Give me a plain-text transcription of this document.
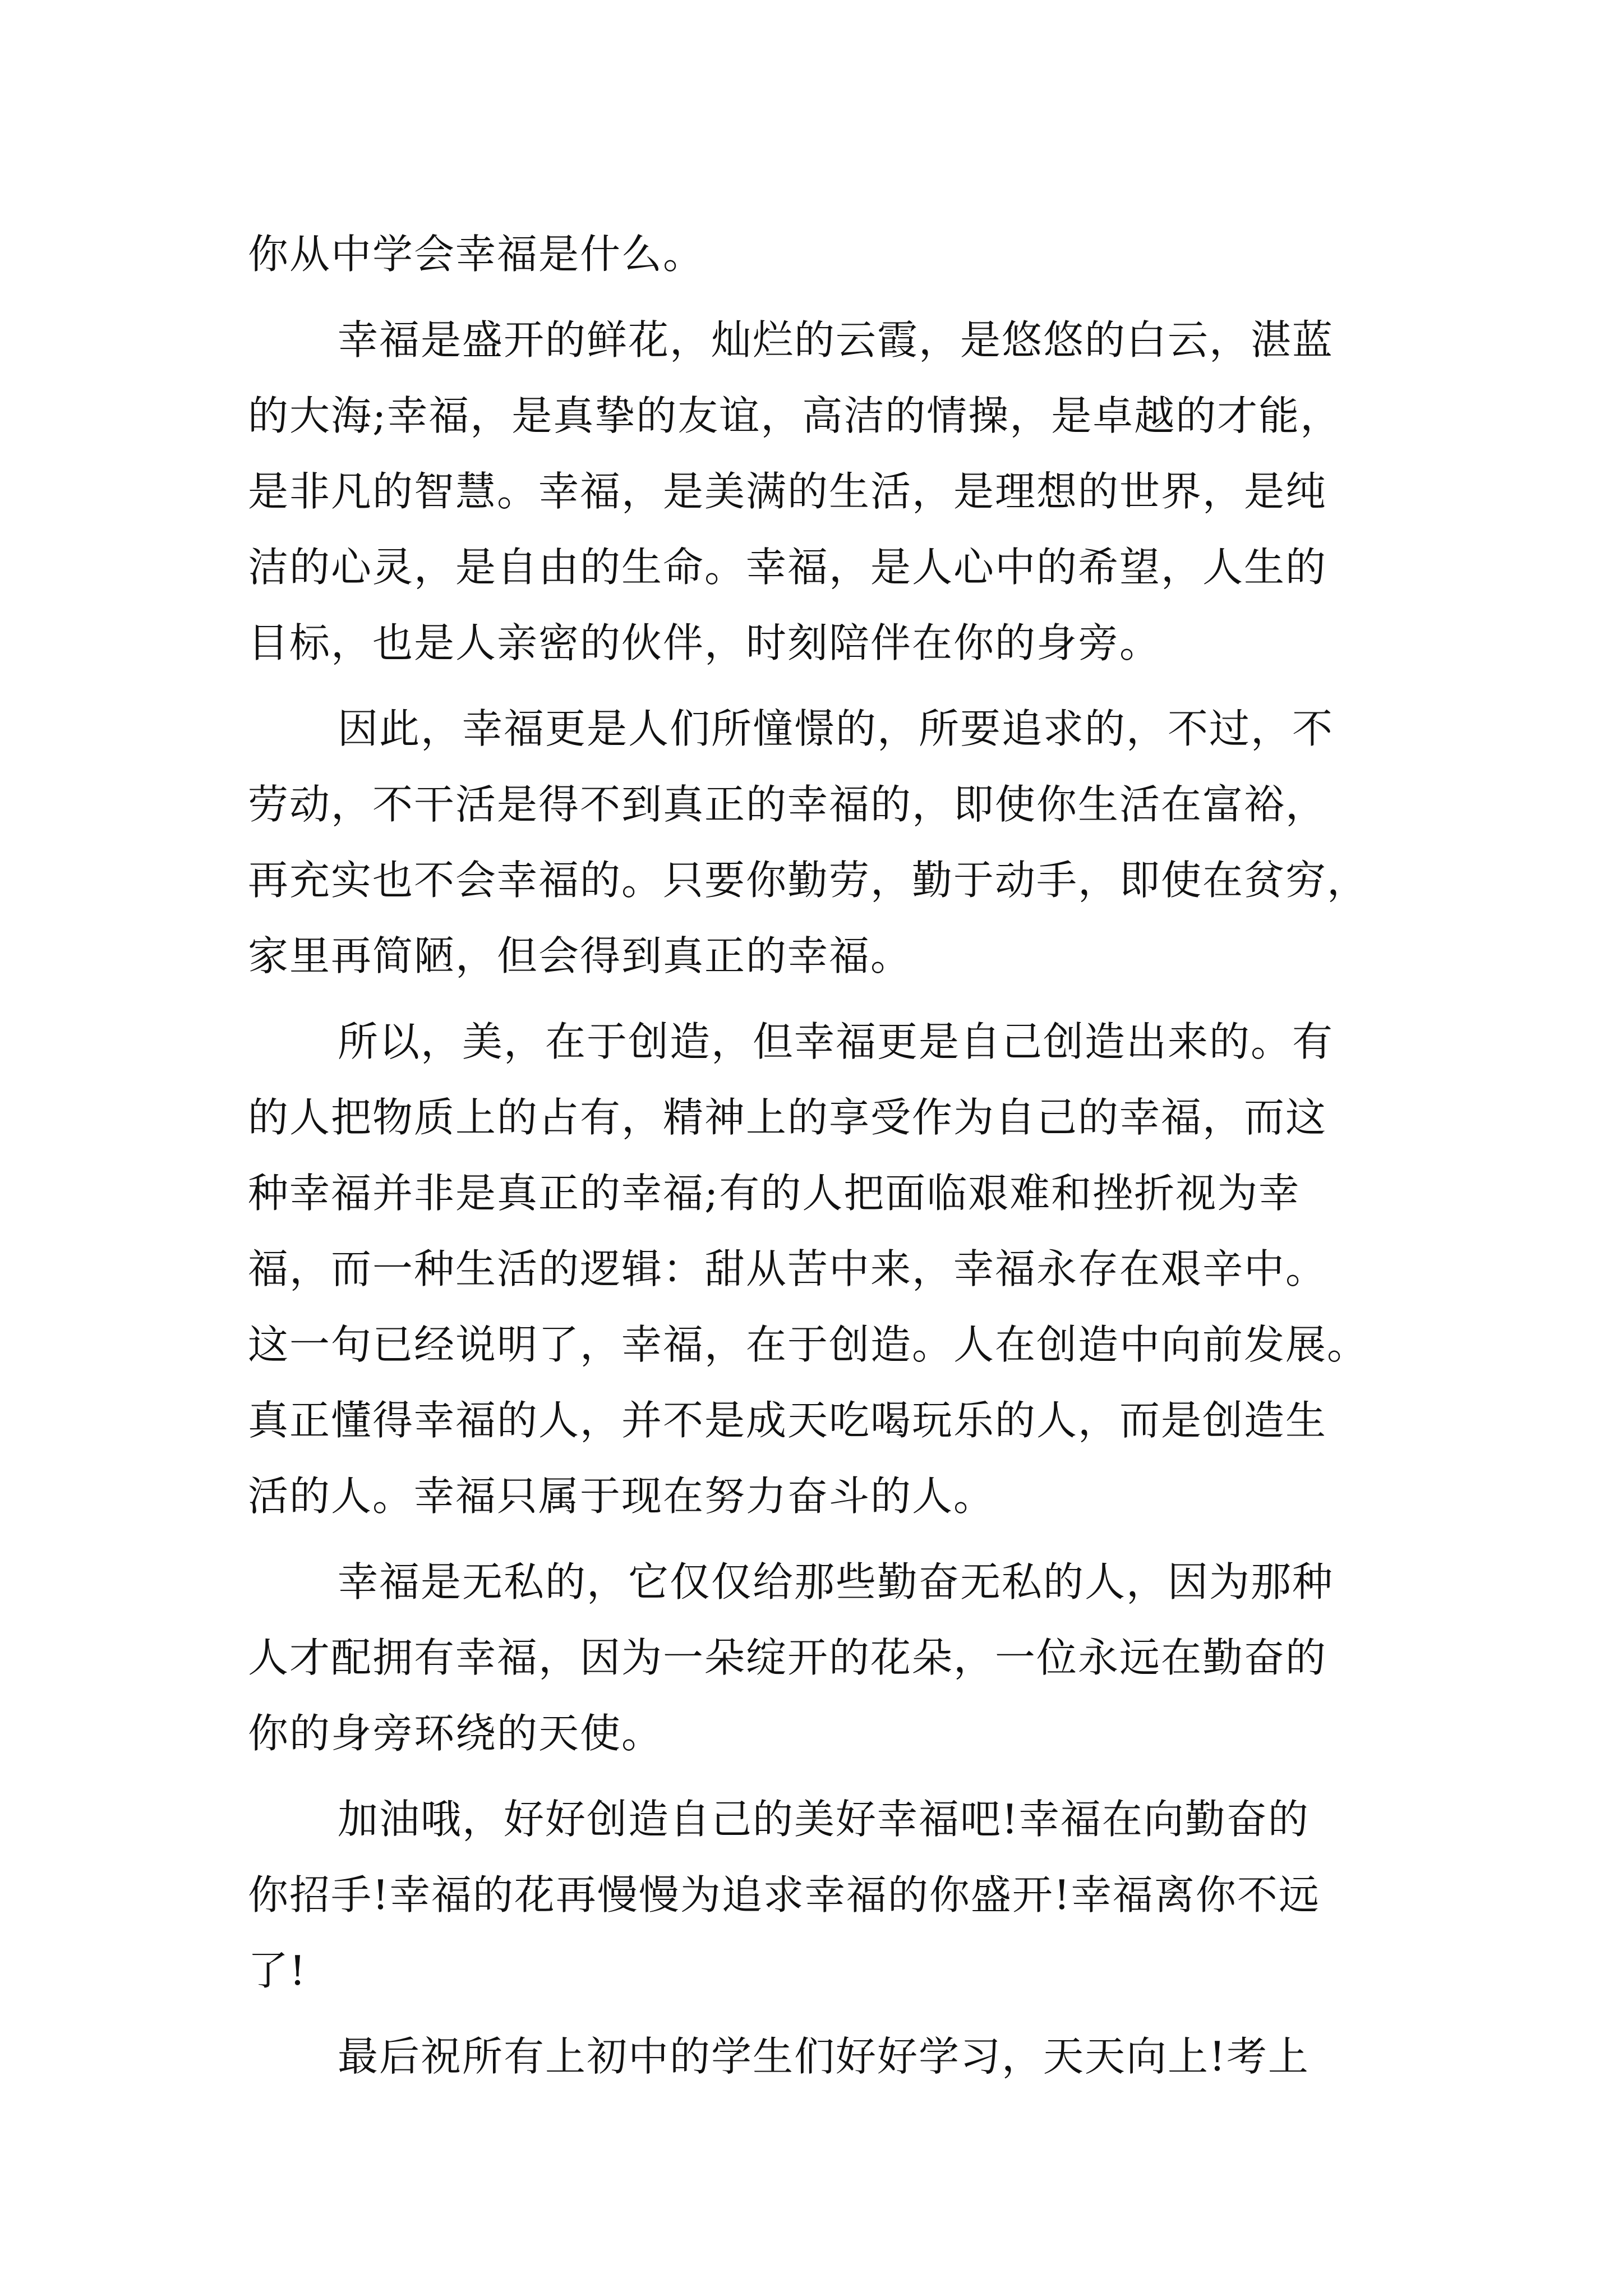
你从中学会幸福是什么。
幸福是盛开的鲜花，灿烂的云霞，是悠悠的白云，湛蓝
的大海;幸福，是真挚的友谊，高洁的情操，是卓越的才能，
是非凡的智慧。幸福，是美满的生活，是理想的世界，是纯
洁的心灵，是自由的生命。幸福，是人心中的希望，人生的
目标，也是人亲密的伙伴，时刻陪伴在你的身旁。
因此，幸福更是人们所憧憬的，所要追求的，不过，不
劳动，不干活是得不到真正的幸福的，即使你生活在富裕，
再充实也不会幸福的。只要你勤劳，勤于动手，即使在贫穷，
家里再简陋，但会得到真正的幸福。
所以，美，在于创造，但幸福更是自己创造出来的。有
的人把物质上的占有，精神上的享受作为自己的幸福，而这
种幸福并非是真正的幸福;有的人把面临艰难和挫折视为幸
福，而一种生活的逻辑：甜从苦中来，幸福永存在艰辛中。
这一句已经说明了，幸福，在于创造。人在创造中向前发展。
真正懂得幸福的人，并不是成天吃喝玩乐的人，而是创造生
活的人。幸福只属于现在努力奋斗的人。
幸福是无私的，它仅仅给那些勤奋无私的人，因为那种
人才配拥有幸福，因为一朵绽开的花朵，一位永远在勤奋的
你的身旁环绕的天使。
加油哦，好好创造自己的美好幸福吧!幸福在向勤奋的
你招手!幸福的花再慢慢为追求幸福的你盛开!幸福离你不远
了!
最后祝所有上初中的学生们好好学习，天天向上!考上
